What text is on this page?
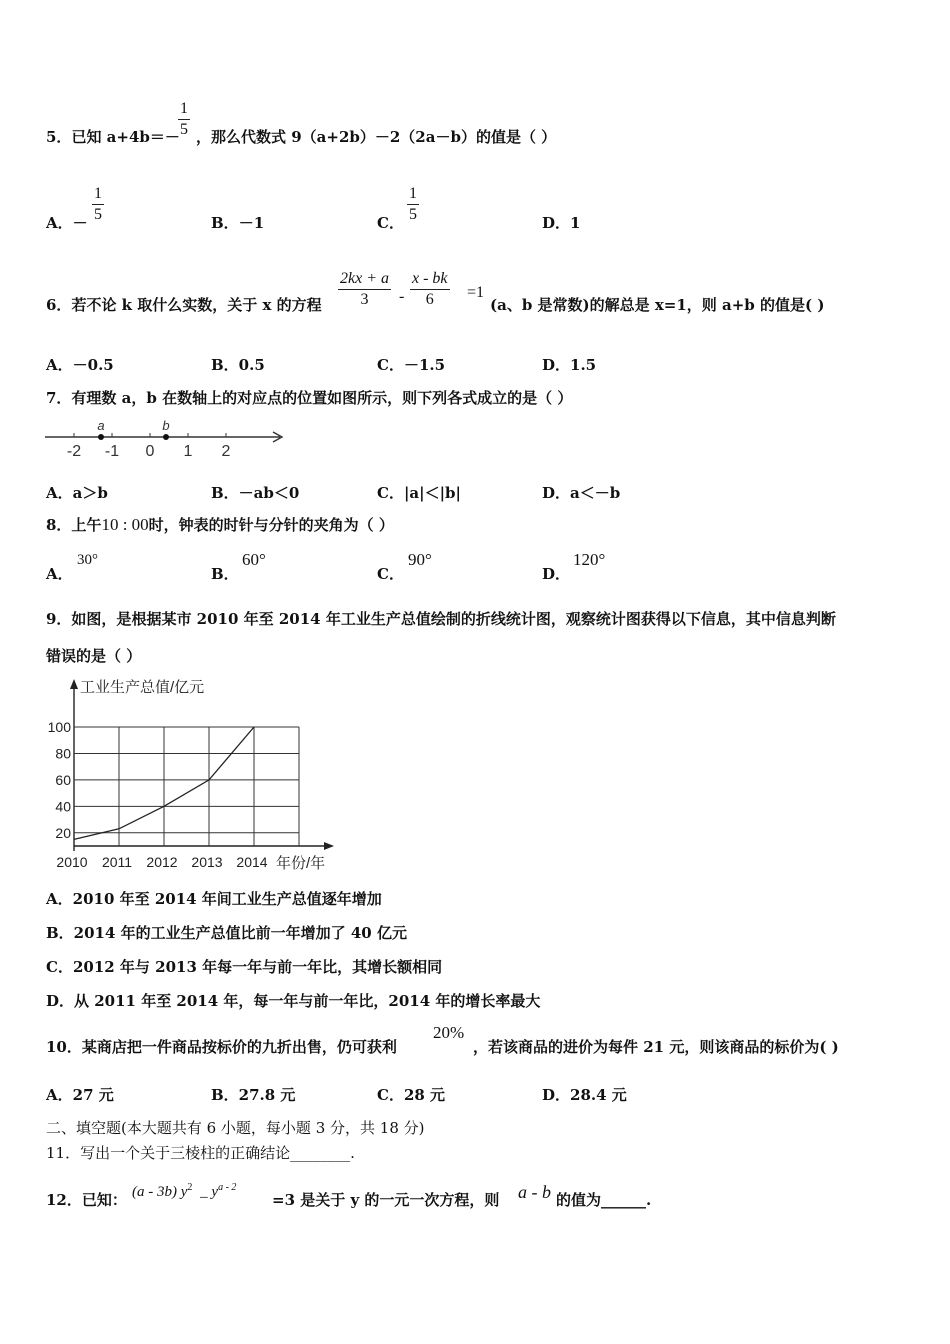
5．已知 a+4b＝－
1
5 ，那么代数式 9（a+2b）－2（2a－b）的值是（ ）
A．－
1
5	B．－1	C．
1
5	D．1
6．若不论 k 取什么实数，关于 x 的方程
2kx + a
3	-
x - bk
6	=1
(a、b 是常数)的解总是 x=1，则 a+b 的值是( )
A．－0.5	B．0.5	C．－1.5	D．1.5
7．有理数 a，b 在数轴上的对应点的位置如图所示，则下列各式成立的是（ ）
-2 -1 0 1 2
a	b
A．a＞b	B．－ab＜0	C．|a|＜|b|	D．a＜－b
8．上午10 : 00时，钟表的时针与分针的夹角为（ ）
A．
30°
B．
60°
C．
90°
D．
120°
9．如图，是根据某市 2010 年至 2014 年工业生产总值绘制的折线统计图，观察统计图获得以下信息，其中信息判断
错误的是（ ）
工业生产总值/亿元
20
40
60
80
100
2010 2011 2012 2013 2014 年份/年
A．2010 年至 2014 年间工业生产总值逐年增加
B．2014 年的工业生产总值比前一年增加了 40 亿元
C．2012 年与 2013 年每一年与前一年比，其增长额相同
D．从 2011 年至 2014 年，每一年与前一年比，2014 年的增长率最大
10．某商店把一件商品按标价的九折出售，仍可获利
20%
，若该商品的进价为每件 21 元，则该商品的标价为( )
A．27 元	B．27.8 元	C．28 元	D．28.4 元
二、填空题(本大题共有 6 小题，每小题 3 分，共 18 分)
11．写出一个关于三棱柱的正确结论________.
12．已知： (a - 3b) $y^2$ _ $y^{a - 2}$
=3 是关于 y 的一元一次方程，则 a - b 的值为______.
